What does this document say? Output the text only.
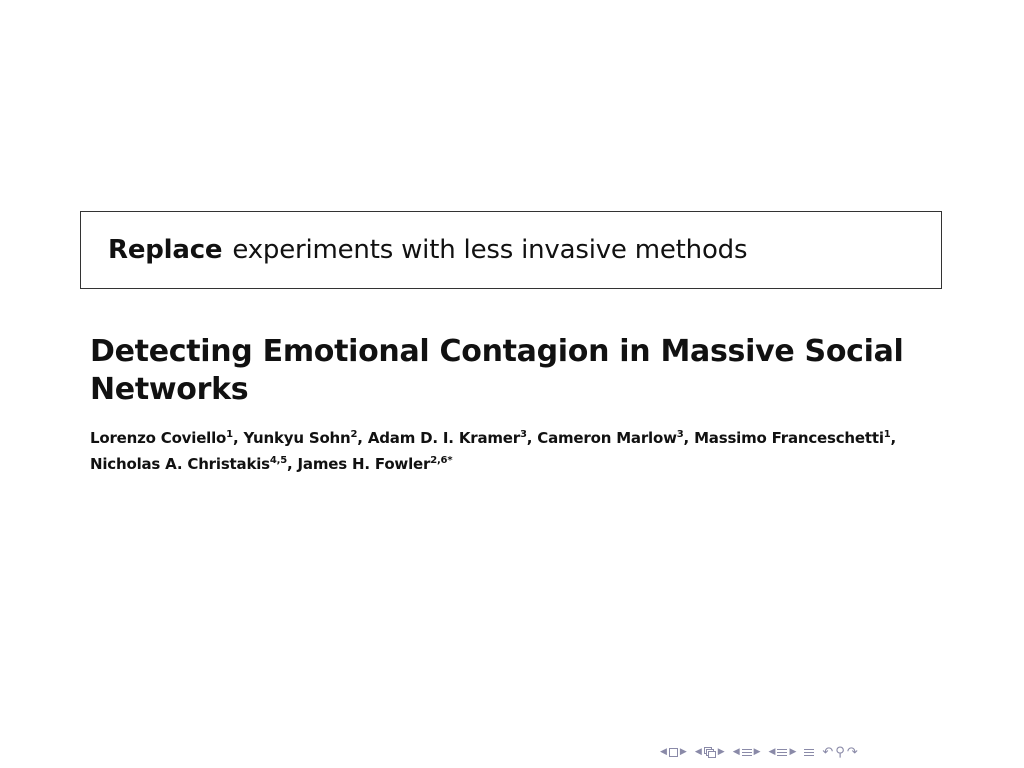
Replace experiments with less invasive methods
Detecting Emotional Contagion in Massive Social Networks
Lorenzo Coviello$^1$, Yunkyu Sohn$^2$, Adam D. I. Kramer$^3$, Cameron Marlow$^3$, Massimo Franceschetti$^1$,
Nicholas A. Christakis$^{4,5}$, James H. Fowler$^{2,6*}$
◀ ▶ ◀ ▶ ◀ ▶ ◀ ▶ ↶ ⚲ ↷
